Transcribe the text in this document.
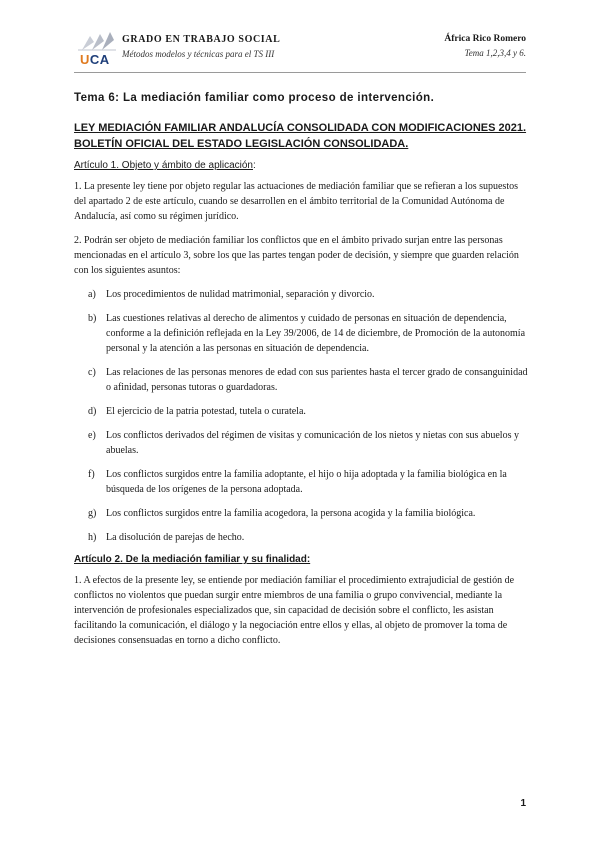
UCA
GRADO EN TRABAJO SOCIAL
Métodos modelos y técnicas para el TS III
África Rico Romero
Tema 1,2,3,4 y 6.
Tema 6: La mediación familiar como proceso de intervención.
LEY MEDIACIÓN FAMILIAR ANDALUCÍA CONSOLIDADA CON MODIFICACIONES 2021. BOLETÍN OFICIAL DEL ESTADO LEGISLACIÓN CONSOLIDADA.
Artículo 1. Objeto y ámbito de aplicación:

1. La presente ley tiene por objeto regular las actuaciones de mediación familiar que se refieran a los supuestos del apartado 2 de este artículo, cuando se desarrollen en el ámbito territorial de la Comunidad Autónoma de Andalucía, así como su régimen jurídico.

2. Podrán ser objeto de mediación familiar los conflictos que en el ámbito privado surjan entre las personas mencionadas en el artículo 3, sobre los que las partes tengan poder de decisión, y siempre que guarden relación con los siguientes asuntos:

a) Los procedimientos de nulidad matrimonial, separación y divorcio.
b) Las cuestiones relativas al derecho de alimentos y cuidado de personas en situación de dependencia, conforme a la definición reflejada en la Ley 39/2006, de 14 de diciembre, de Promoción de la autonomía personal y la atención a las personas en situación de dependencia.
c) Las relaciones de las personas menores de edad con sus parientes hasta el tercer grado de consanguinidad o afinidad, personas tutoras o guardadoras.
d) El ejercicio de la patria potestad, tutela o curatela.
e) Los conflictos derivados del régimen de visitas y comunicación de los nietos y nietas con sus abuelos y abuelas.
f) Los conflictos surgidos entre la familia adoptante, el hijo o hija adoptada y la familia biológica en la búsqueda de los orígenes de la persona adoptada.
g) Los conflictos surgidos entre la familia acogedora, la persona acogida y la familia biológica.
h) La disolución de parejas de hecho.
Artículo 2. De la mediación familiar y su finalidad:

1. A efectos de la presente ley, se entiende por mediación familiar el procedimiento extrajudicial de gestión de conflictos no violentos que puedan surgir entre miembros de una familia o grupo convivencial, mediante la intervención de profesionales especializados que, sin capacidad de decisión sobre el conflicto, les asistan facilitando la comunicación, el diálogo y la negociación entre ellos y ellas, al objeto de promover la toma de decisiones consensuadas en torno a dicho conflicto.

1
